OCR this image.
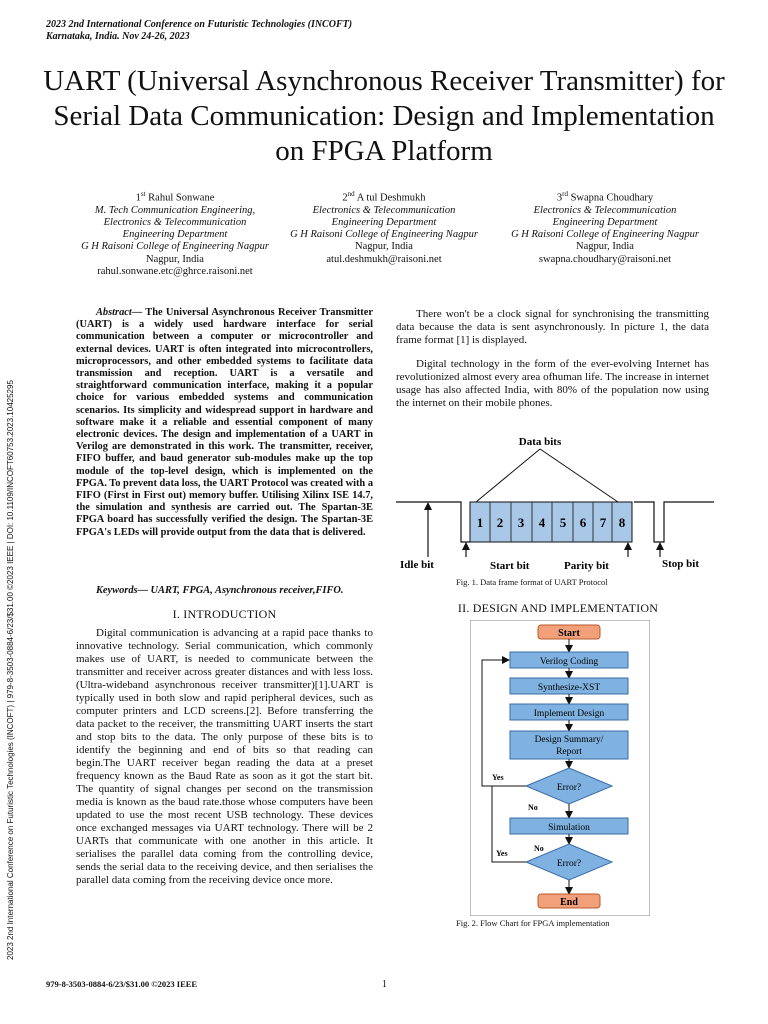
2023 2nd International Conference on Futuristic Technologies (INCOFT)
Karnataka, India. Nov 24-26, 2023
UART (Universal Asynchronous Receiver Transmitter) for Serial Data Communication: Design and Implementation on FPGA Platform
1st Rahul Sonwane
M. Tech Communication Engineering,
Electronics & Telecommunication
Engineering Department
G H Raisoni College of Engineering Nagpur
Nagpur, India
rahul.sonwane.etc@ghrce.raisoni.net
2nd A tul Deshmukh
Electronics & Telecommunication
Engineering Department
G H Raisoni College of Engineering Nagpur
Nagpur, India
atul.deshmukh@raisoni.net
3rd Swapna Choudhary
Electronics & Telecommunication
Engineering Department
G H Raisoni College of Engineering Nagpur
Nagpur, India
swapna.choudhary@raisoni.net
Abstract— The Universal Asynchronous Receiver Transmitter (UART) is a widely used hardware interface for serial communication between a computer or microcontroller and external devices. UART is often integrated into microcontrollers, microprocessors, and other embedded systems to facilitate data transmission and reception. UART is a versatile and straightforward communication interface, making it a popular choice for various embedded systems and communication scenarios. Its simplicity and widespread support in hardware and software make it a reliable and essential component of many electronic devices. The design and implementation of a UART in Verilog are demonstrated in this work. The transmitter, receiver, FIFO buffer, and baud generator sub-modules make up the top module of the top-level design, which is implemented on the FPGA. To prevent data loss, the UART Protocol was created with a FIFO (First in First out) memory buffer. Utilising Xilinx ISE 14.7, the simulation and synthesis are carried out. The Spartan-3E FPGA board has successfully verified the design. The Spartan-3E FPGA's LEDs will provide output from the data that is delivered.
Keywords— UART, FPGA, Asynchronous receiver,FIFO.
I. INTRODUCTION

Digital communication is advancing at a rapid pace thanks to innovative technology. Serial communication, which commonly makes use of UART, is needed to communicate between the transmitter and receiver across greater distances and with less loss.(Ultra-wideband asynchronous receiver transmitter)[1].UART is typically used in both slow and rapid peripheral devices, such as computer printers and LCD screens.[2]. Before transferring the data packet to the receiver, the transmitting UART inserts the start and stop bits to the data. The only purpose of these bits is to identify the beginning and end of bits so that reading can begin.The UART receiver began reading the data at a preset frequency known as the Baud Rate as soon as it got the start bit. The quantity of signal changes per second on the transmission media is known as the baud rate.those whose computers have been updated to use the most recent USB technology. These devices once exchanged messages via UART technology. There will be 2 UARTs that communicate with one another in this article. It serialises the parallel data coming from the controlling device, sends the serial data to the receiving device, and then serialises the parallel data coming from the receiving device once more.

There won't be a clock signal for synchronising the transmitting data because the data is sent asynchronously. In picture 1, the data frame format [1] is displayed.

Digital technology in the form of the ever-evolving Internet has revolutionized almost every area ofhuman life. The increase in internet usage has also affected India, with 80% of the population now using the internet on their mobile phones.

Data bits
1 2 3 4 5 6 7 8
Idle bit	Start bit	Parity bit	Stop bit
Fig. 1. Data frame format of UART Protocol
II. DESIGN AND IMPLEMENTATION
Start
Verilog Coding
Synthesize-XST
Implement Design
Design Summary/
Report
Error?
Yes
No
Simulation
No
Error?
Yes
End
Fig. 2. Flow Chart for FPGA implementation
2023 2nd International Conference on Futuristic Technologies (INCOFT) | 979-8-3503-0884-6/23/$31.00 ©2023 IEEE | DOI: 10.1109/INCOFT60753.2023.10425295
979-8-3503-0884-6/23/$31.00 ©2023 IEEE	1
